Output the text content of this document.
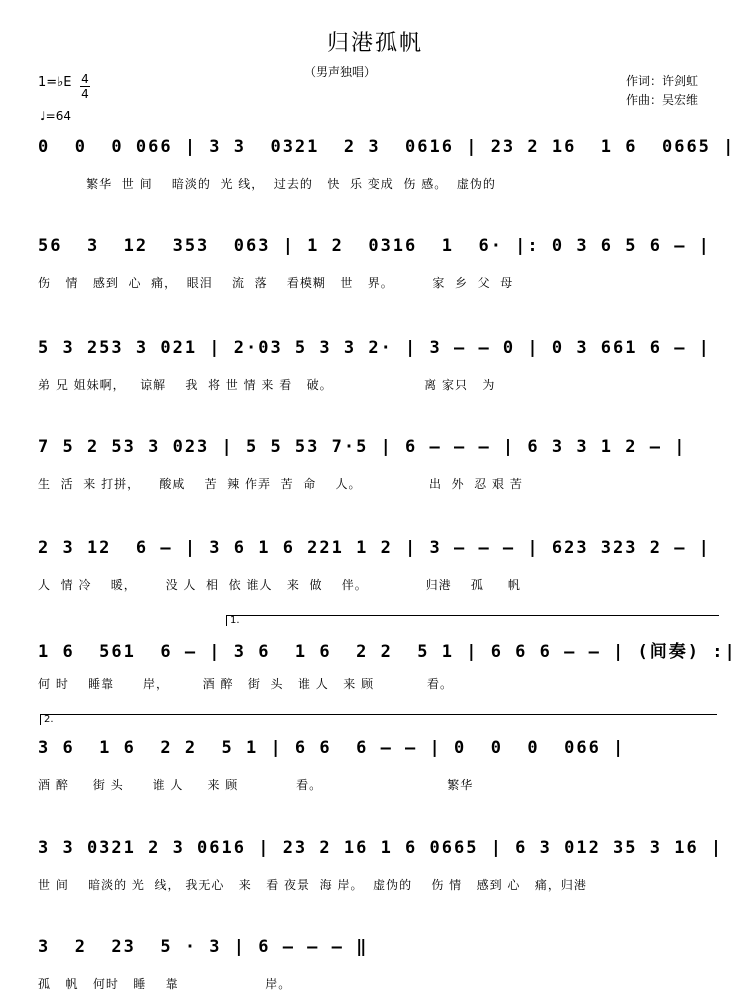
归港孤帆
（男声独唱）
作词：许剑虹
作曲：吴宏维
1=♭E 4
4
♩=64
0  0  0 066 | 3 3  0321  2 3  0616 | 23 2 16  1 6  0665 |
繁华  世 间    暗淡的  光 线，  过去的   快  乐 变成  伤 感。  虚伪的
56  3  12  353  063 | 1 2  0316  1  6· |: 0 3 6 5 6 — |
伤   情   感到  心  痛，  眼泪    流  落    看模糊   世   界。        家  乡  父  母
5 3 253 3 021 | 2·03 5 3 3 2· | 3 — — 0 | 0 3 661 6 — |
弟 兄 姐妹啊，   谅解    我  将 世 情 来 看   破。                   离 家只   为
7 5 2 53 3 023 | 5 5 53 7·5 | 6 — — — | 6 3 3 1 2 — |
生  活  来 打拼，    酸咸    苦  辣 作弄  苦  命    人。              出  外  忍 艰 苦
2 3 12  6 — | 3 6 1 6 221 1 2 | 3 — — — | 623 323 2 — |
人  情 冷    暖，      没 人  相  依 谁人   来  做    伴。            归港    孤     帆
1.
1 6  561  6 — | 3 6  1 6  2 2  5 1 | 6 6 6 — — | (间奏) :|
何 时    睡靠      岸，       酒 醉   街  头   谁 人   来 顾           看。
2.
3 6  1 6  2 2  5 1 | 6 6  6 — — | 0  0  0  066 |
酒 醉     街 头      谁 人     来 顾            看。                          繁华
3 3 0321 2 3 0616 | 23 2 16 1 6 0665 | 6 3 012 35 3 16 |
世 间    暗淡的 光  线， 我无心   来   看 夜景  海 岸。  虚伪的    伤 情   感到 心   痛，归港
3  2  23  5 · 3 | 6 — — — ‖
孤   帆   何时   睡    靠                  岸。
